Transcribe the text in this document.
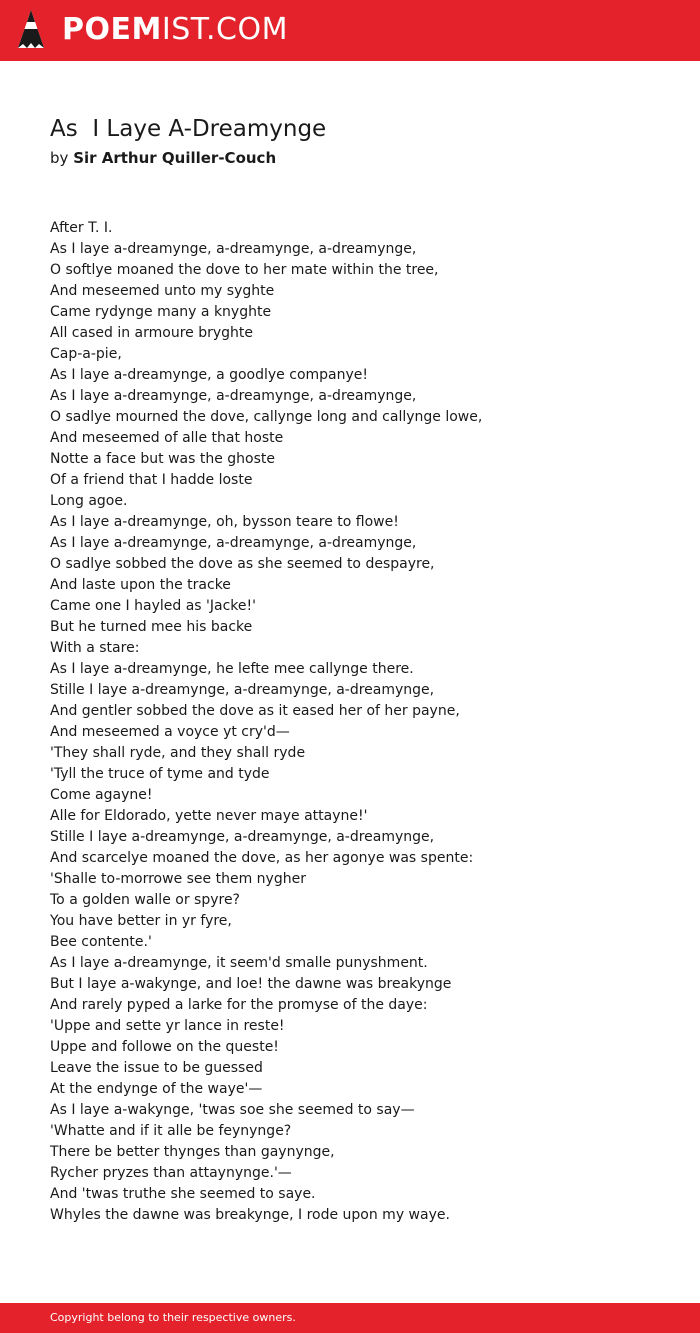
POEMIST.COM
As  I Laye A-Dreamynge
by Sir Arthur Quiller-Couch
After T. I.
As I laye a-dreamynge, a-dreamynge, a-dreamynge,
O softlye moaned the dove to her mate within the tree,
And meseemed unto my syghte
Came rydynge many a knyghte
All cased in armoure bryghte
Cap-a-pie,
As I laye a-dreamynge, a goodlye companye!
As I laye a-dreamynge, a-dreamynge, a-dreamynge,
O sadlye mourned the dove, callynge long and callynge lowe,
And meseemed of alle that hoste
Notte a face but was the ghoste
Of a friend that I hadde loste
Long agoe.
As I laye a-dreamynge, oh, bysson teare to flowe!
As I laye a-dreamynge, a-dreamynge, a-dreamynge,
O sadlye sobbed the dove as she seemed to despayre,
And laste upon the tracke
Came one I hayled as 'Jacke!'
But he turned mee his backe
With a stare:
As I laye a-dreamynge, he lefte mee callynge there.
Stille I laye a-dreamynge, a-dreamynge, a-dreamynge,
And gentler sobbed the dove as it eased her of her payne,
And meseemed a voyce yt cry'd—
'They shall ryde, and they shall ryde
'Tyll the truce of tyme and tyde
Come agayne!
Alle for Eldorado, yette never maye attayne!'
Stille I laye a-dreamynge, a-dreamynge, a-dreamynge,
And scarcelye moaned the dove, as her agonye was spente:
'Shalle to-morrowe see them nygher
To a golden walle or spyre?
You have better in yr fyre,
Bee contente.'
As I laye a-dreamynge, it seem'd smalle punyshment.
But I laye a-wakynge, and loe! the dawne was breakynge
And rarely pyped a larke for the promyse of the daye:
'Uppe and sette yr lance in reste!
Uppe and followe on the queste!
Leave the issue to be guessed
At the endynge of the waye'—
As I laye a-wakynge, 'twas soe she seemed to say—
'Whatte and if it alle be feynynge?
There be better thynges than gaynynge,
Rycher pryzes than attaynynge.'—
And 'twas truthe she seemed to saye.
Whyles the dawne was breakynge, I rode upon my waye.
Copyright belong to their respective owners.
